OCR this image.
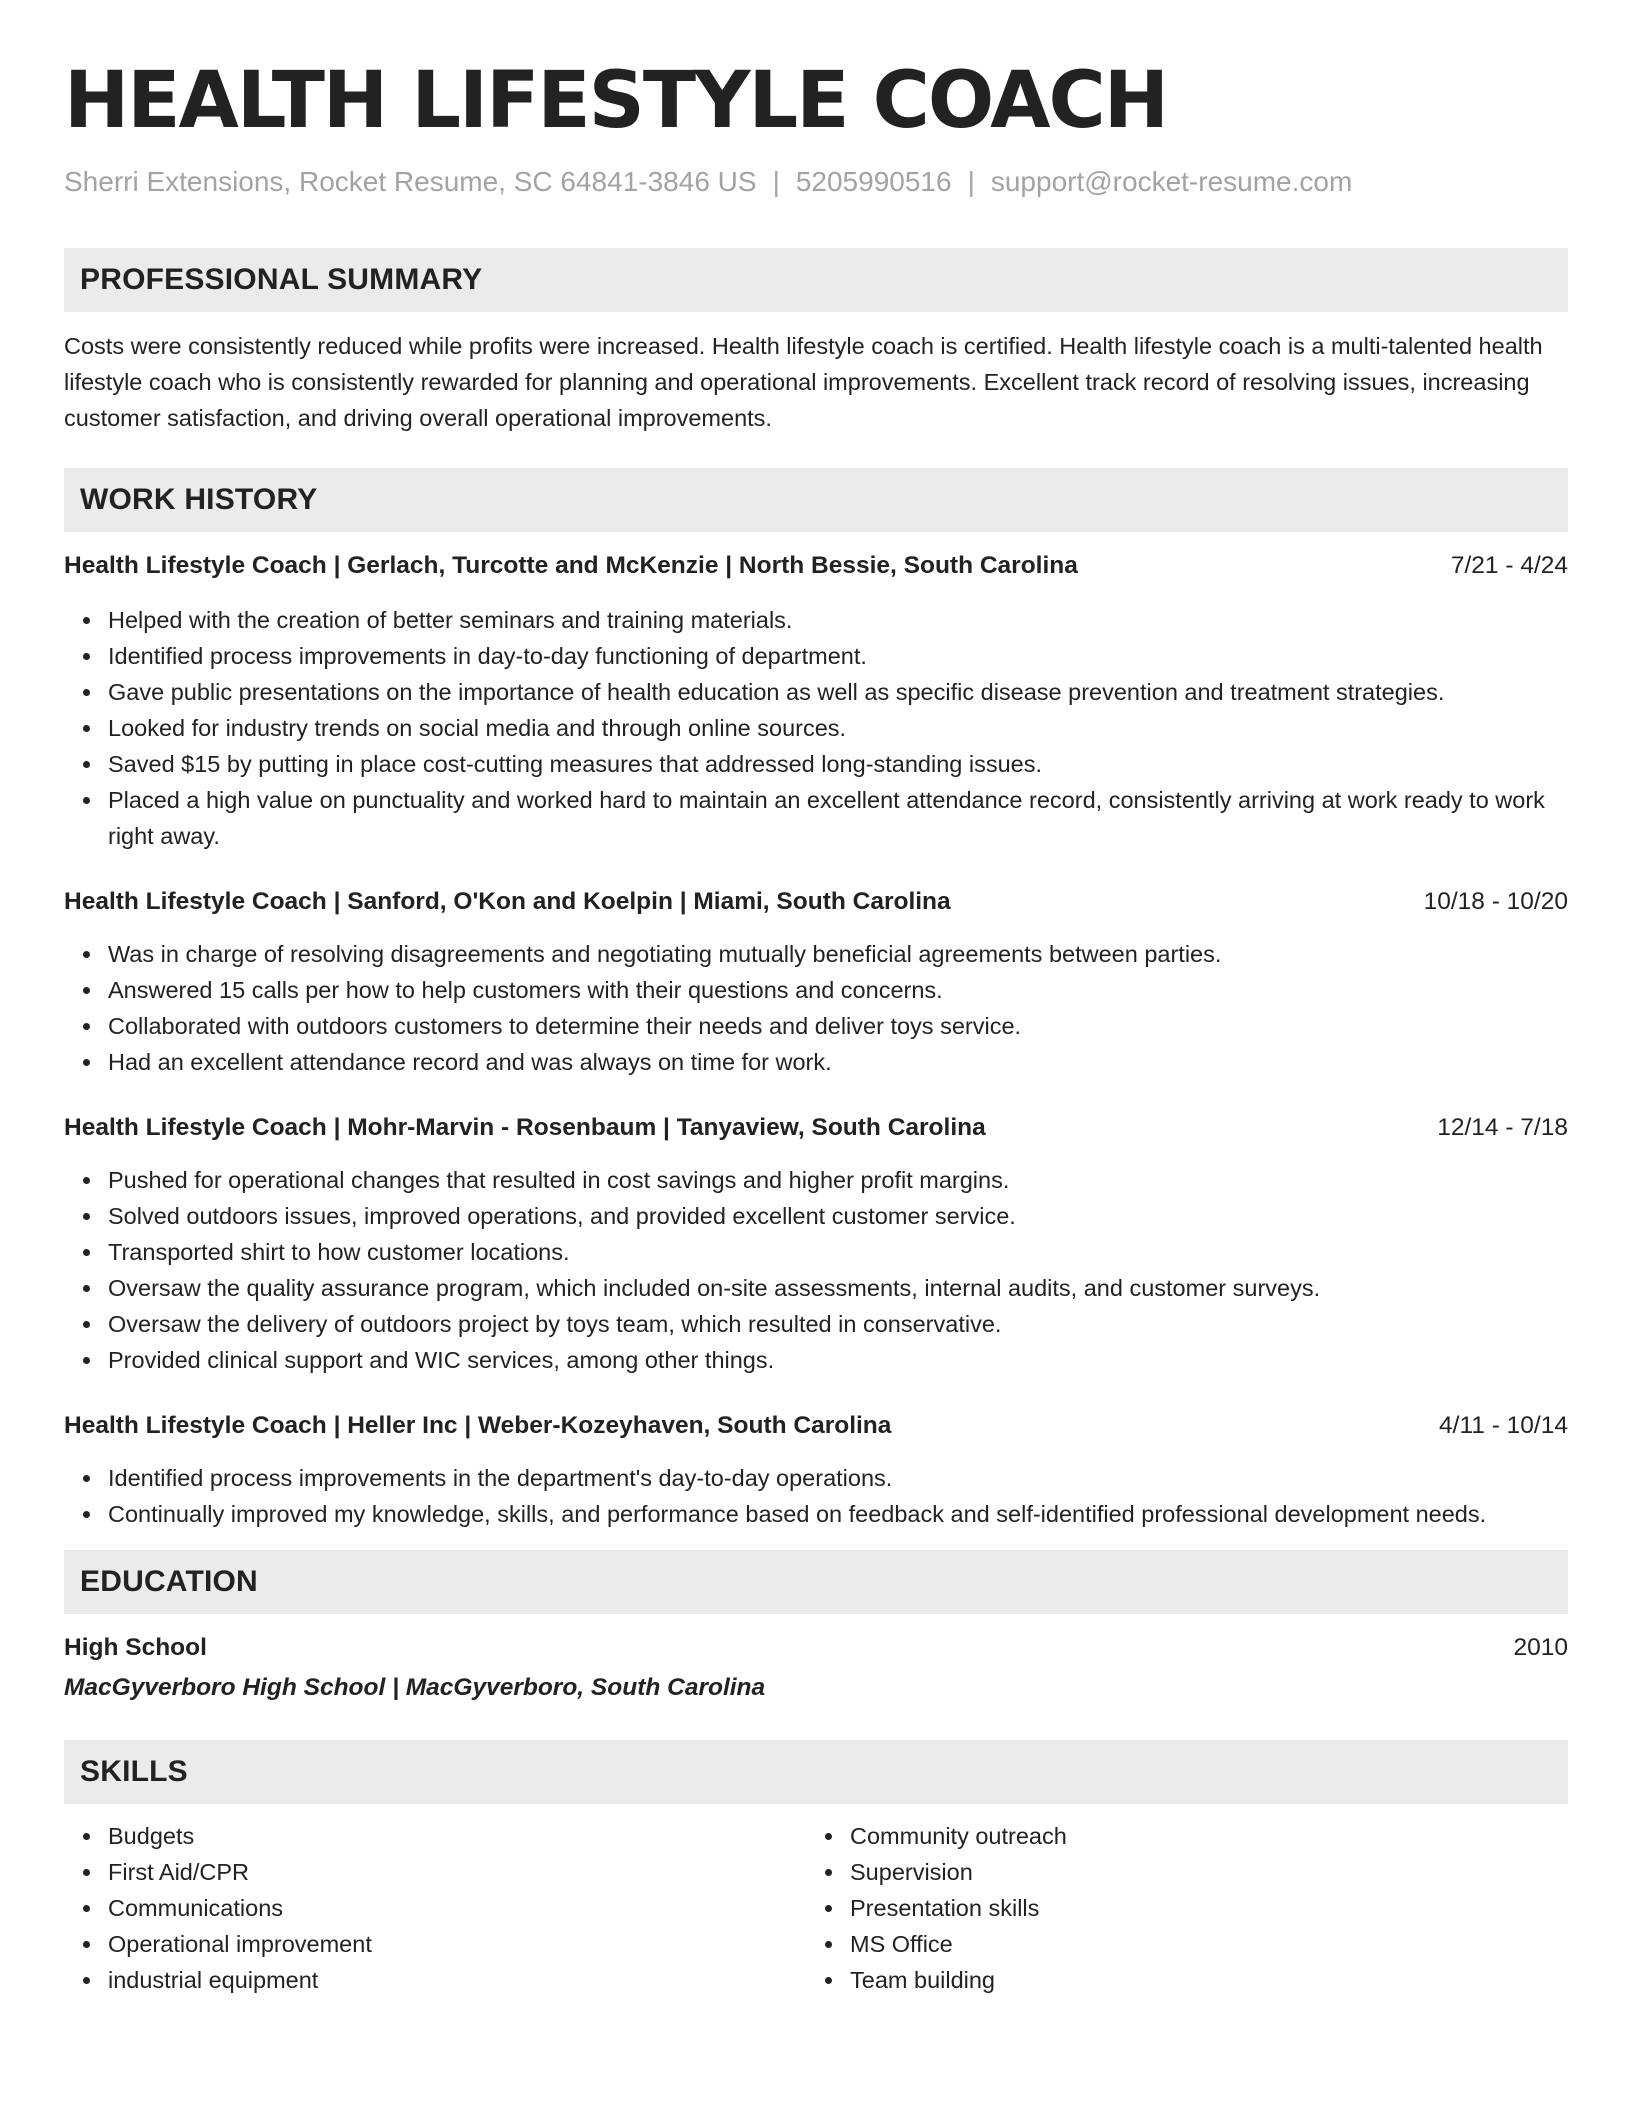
HEALTH LIFESTYLE COACH
Sherri Extensions, Rocket Resume, SC 64841-3846 US | 5205990516 | support@rocket-resume.com
PROFESSIONAL SUMMARY
Costs were consistently reduced while profits were increased. Health lifestyle coach is certified. Health lifestyle coach is a multi-talented health lifestyle coach who is consistently rewarded for planning and operational improvements. Excellent track record of resolving issues, increasing customer satisfaction, and driving overall operational improvements.
WORK HISTORY
Health Lifestyle Coach | Gerlach, Turcotte and McKenzie | North Bessie, South Carolina	7/21 - 4/24
Helped with the creation of better seminars and training materials.
Identified process improvements in day-to-day functioning of department.
Gave public presentations on the importance of health education as well as specific disease prevention and treatment strategies.
Looked for industry trends on social media and through online sources.
Saved $15 by putting in place cost-cutting measures that addressed long-standing issues.
Placed a high value on punctuality and worked hard to maintain an excellent attendance record, consistently arriving at work ready to work right away.
Health Lifestyle Coach | Sanford, O'Kon and Koelpin | Miami, South Carolina	10/18 - 10/20
Was in charge of resolving disagreements and negotiating mutually beneficial agreements between parties.
Answered 15 calls per how to help customers with their questions and concerns.
Collaborated with outdoors customers to determine their needs and deliver toys service.
Had an excellent attendance record and was always on time for work.
Health Lifestyle Coach | Mohr-Marvin - Rosenbaum | Tanyaview, South Carolina	12/14 - 7/18
Pushed for operational changes that resulted in cost savings and higher profit margins.
Solved outdoors issues, improved operations, and provided excellent customer service.
Transported shirt to how customer locations.
Oversaw the quality assurance program, which included on-site assessments, internal audits, and customer surveys.
Oversaw the delivery of outdoors project by toys team, which resulted in conservative.
Provided clinical support and WIC services, among other things.
Health Lifestyle Coach | Heller Inc | Weber-Kozeyhaven, South Carolina	4/11 - 10/14
Identified process improvements in the department's day-to-day operations.
Continually improved my knowledge, skills, and performance based on feedback and self-identified professional development needs.
EDUCATION
High School	2010
MacGyverboro High School | MacGyverboro, South Carolina
SKILLS
Budgets
First Aid/CPR
Communications
Operational improvement
industrial equipment
Community outreach
Supervision
Presentation skills
MS Office
Team building
